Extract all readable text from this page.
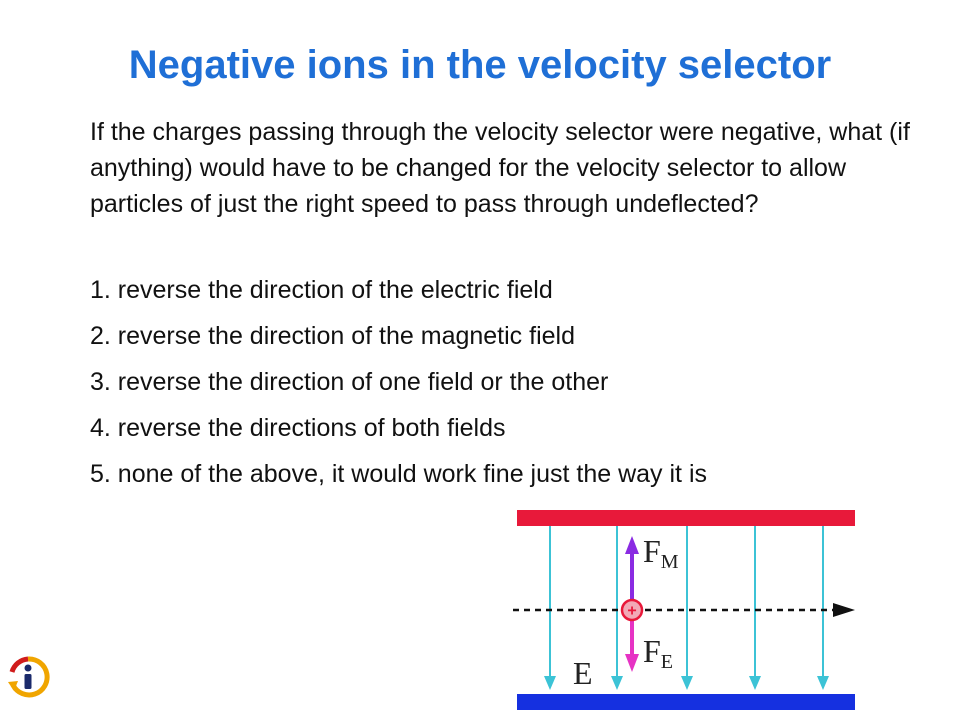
Negative ions in the velocity selector

If the charges passing through the velocity selector were negative, what (if anything) would have to be changed for the velocity selector to allow particles of just the right speed to pass through undeflected?

1. reverse the direction of the electric field
2. reverse the direction of the magnetic field
3. reverse the direction of one field or the other
4. reverse the directions of both fields
5. none of the above, it would work fine just the way it is
+
FM
FE
E
